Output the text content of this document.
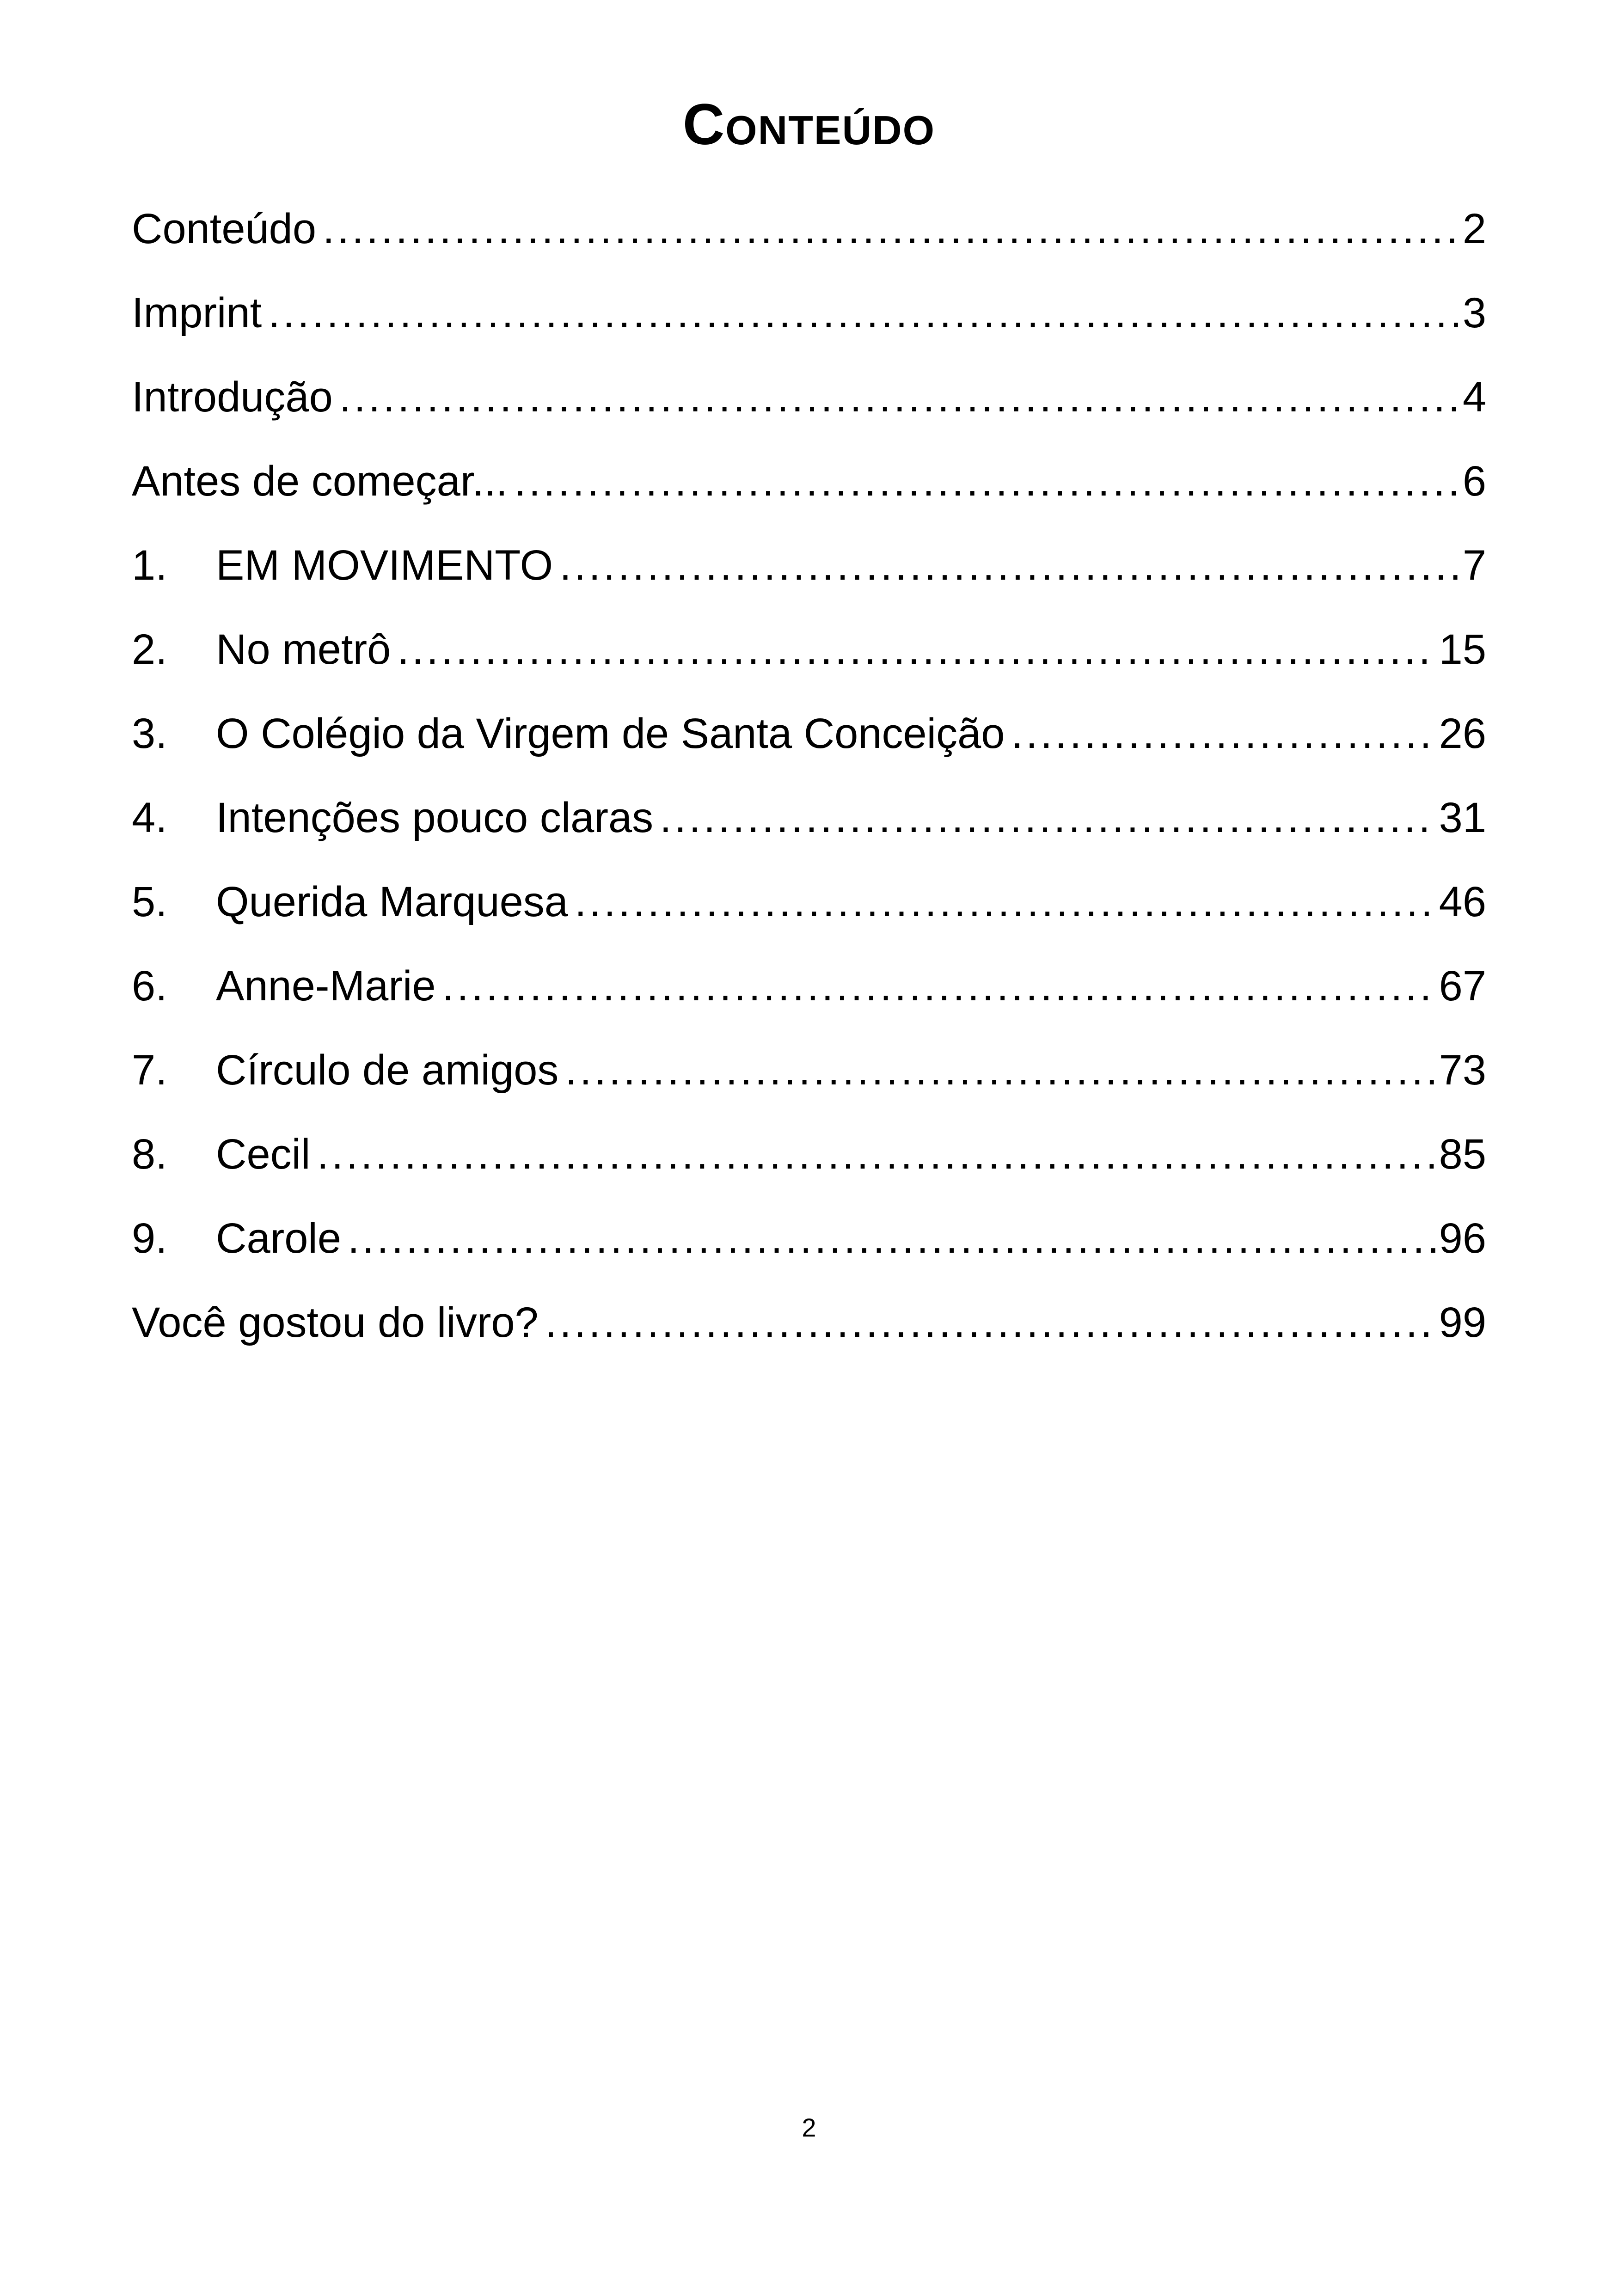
Conteúdo
Conteúdo .....	2
Imprint .....	3
Introdução .....	4
Antes de começar... .....	6
1.	EM MOVIMENTO .....	7
2.	No metrô .....	15
3.	O Colégio da Virgem de Santa Conceição .....	26
4.	Intenções pouco claras .....	31
5.	Querida Marquesa .....	46
6.	Anne-Marie .....	67
7.	Círculo de amigos .....	73
8.	Cecil .....	85
9.	Carole .....	96
Você gostou do livro? .....	99
2
